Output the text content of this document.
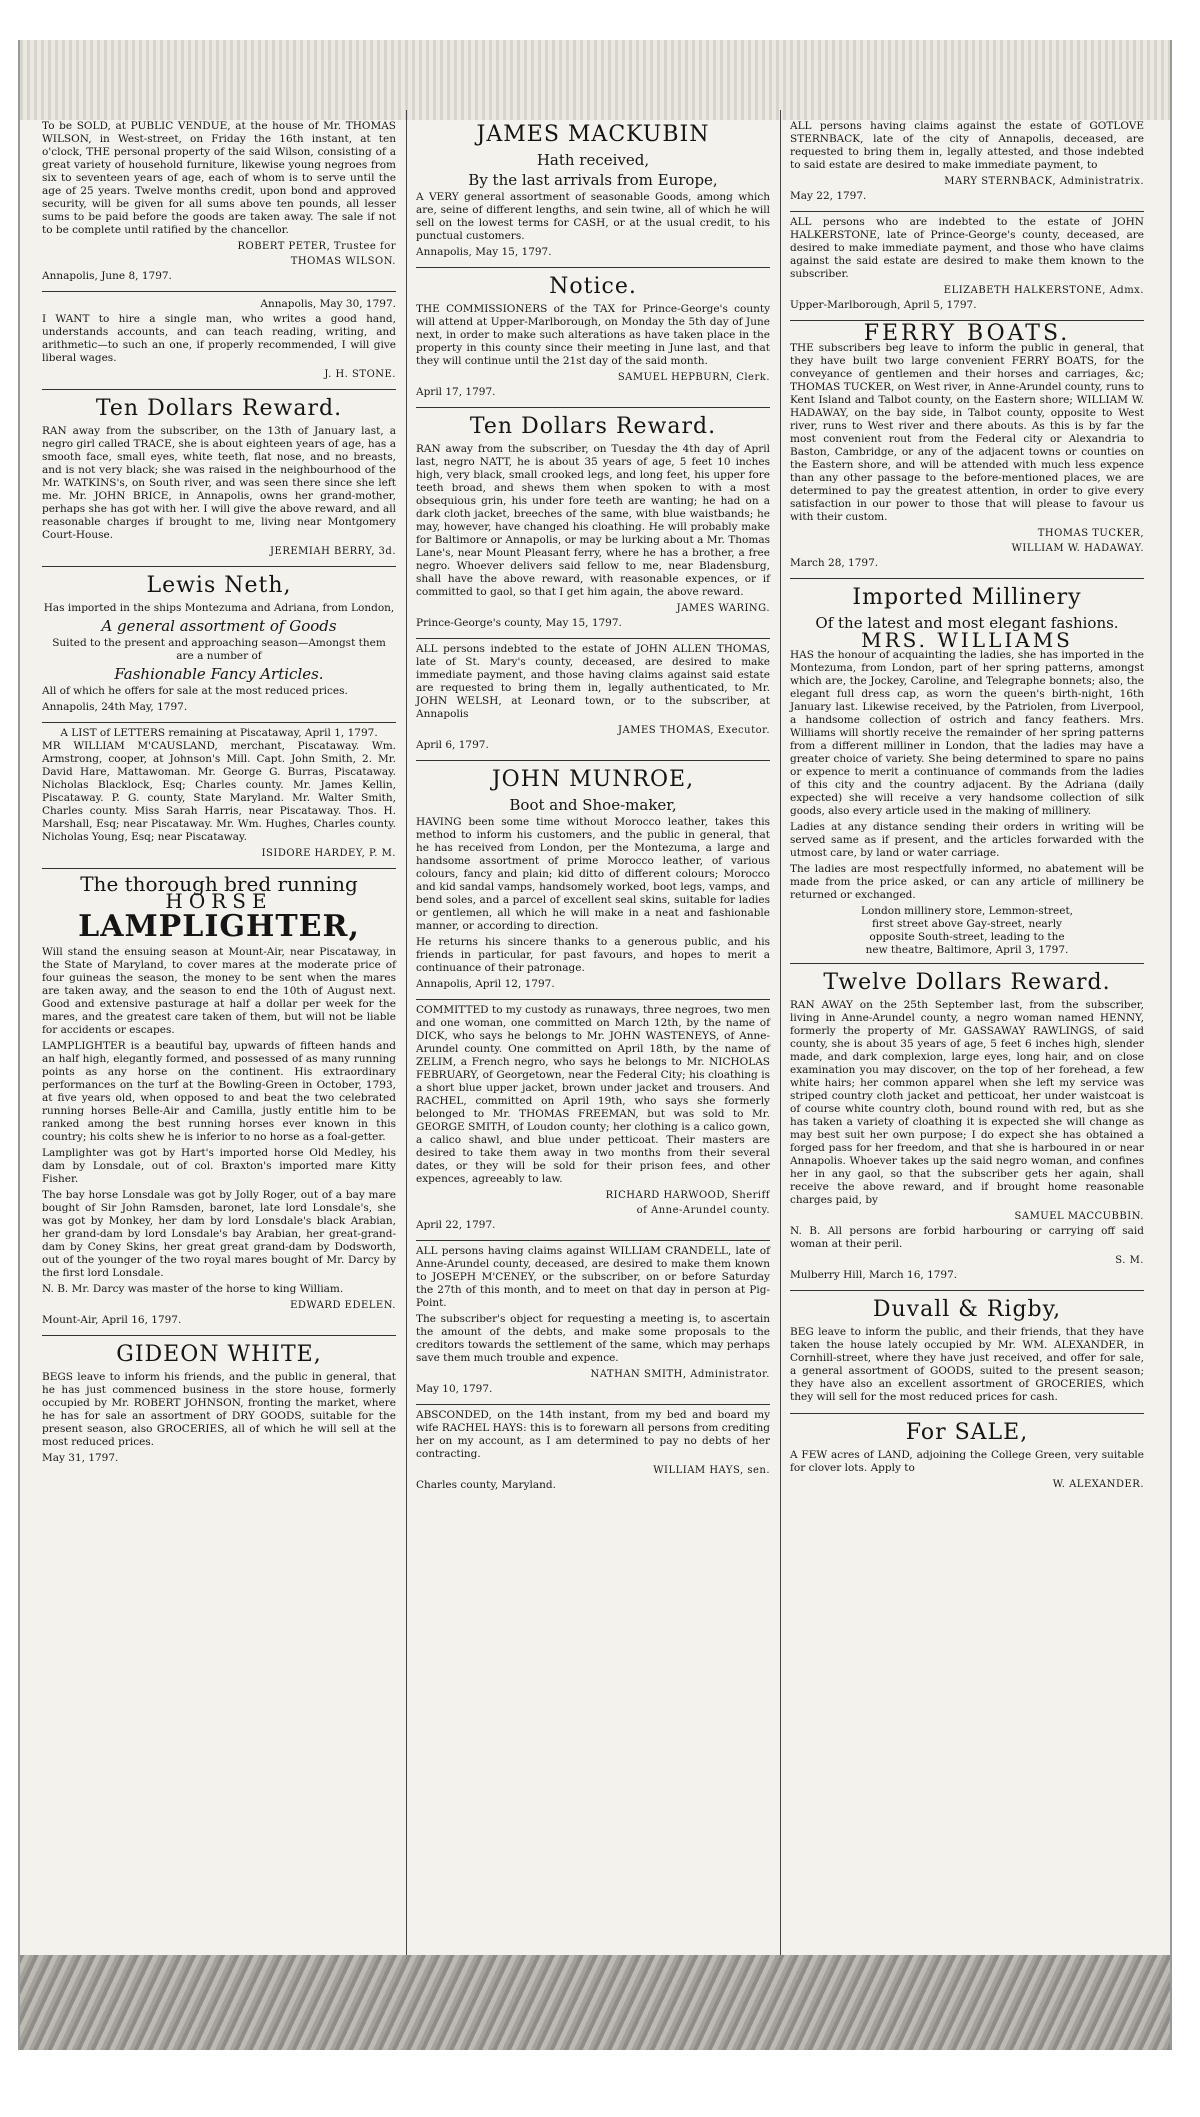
To be SOLD, at PUBLIC VENDUE, at the house of Mr. THOMAS WILSON, in West-street, on Friday the 16th instant, at ten o'clock, THE personal property of the said Wilson, consisting of a great variety of household furniture, likewise young negroes from six to seventeen years of age, each of whom is to serve until the age of 25 years. Twelve months credit, upon bond and approved security, will be given for all sums above ten pounds, all lesser sums to be paid before the goods are taken away. The sale if not to be complete until ratified by the chancellor.

ROBERT PETER, Trustee for
THOMAS WILSON.
Annapolis, June 8, 1797.
Annapolis, May 30, 1797.

I WANT to hire a single man, who writes a good hand, understands accounts, and can teach reading, writing, and arithmetic—to such an one, if properly recommended, I will give liberal wages.

J. H. STONE.
Ten Dollars Reward.

RAN away from the subscriber, on the 13th of January last, a negro girl called TRACE, she is about eighteen years of age, has a smooth face, small eyes, white teeth, flat nose, and no breasts, and is not very black; she was raised in the neighbourhood of the Mr. WATKINS's, on South river, and was seen there since she left me. Mr. JOHN BRICE, in Annapolis, owns her grand-mother, perhaps she has got with her. I will give the above reward, and all reasonable charges if brought to me, living near Montgomery Court-House.

JEREMIAH BERRY, 3d.
Lewis Neth,
Has imported in the ships Montezuma and Adriana, from London,
A general assortment of Goods
Suited to the present and approaching season—Amongst them are a number of
Fashionable Fancy Articles.

All of which he offers for sale at the most reduced prices.

Annapolis, 24th May, 1797.
A LIST of LETTERS remaining at Piscataway, April 1, 1797.

MR WILLIAM M'CAUSLAND, merchant, Piscataway. Wm. Armstrong, cooper, at Johnson's Mill. Capt. John Smith, 2. Mr. David Hare, Mattawoman. Mr. George G. Burras, Piscataway. Nicholas Blacklock, Esq; Charles county. Mr. James Kellin, Piscataway. P. G. county, State Maryland. Mr. Walter Smith, Charles county. Miss Sarah Harris, near Piscataway. Thos. H. Marshall, Esq; near Piscataway. Mr. Wm. Hughes, Charles county. Nicholas Young, Esq; near Piscataway.

ISIDORE HARDEY, P. M.
The thorough bred running
HORSE
LAMPLIGHTER,

Will stand the ensuing season at Mount-Air, near Piscataway, in the State of Maryland, to cover mares at the moderate price of four guineas the season, the money to be sent when the mares are taken away, and the season to end the 10th of August next. Good and extensive pasturage at half a dollar per week for the mares, and the greatest care taken of them, but will not be liable for accidents or escapes.

LAMPLIGHTER is a beautiful bay, upwards of fifteen hands and an half high, elegantly formed, and possessed of as many running points as any horse on the continent. His extraordinary performances on the turf at the Bowling-Green in October, 1793, at five years old, when opposed to and beat the two celebrated running horses Belle-Air and Camilla, justly entitle him to be ranked among the best running horses ever known in this country; his colts shew he is inferior to no horse as a foal-getter.

Lamplighter was got by Hart's imported horse Old Medley, his dam by Lonsdale, out of col. Braxton's imported mare Kitty Fisher.

The bay horse Lonsdale was got by Jolly Roger, out of a bay mare bought of Sir John Ramsden, baronet, late lord Lonsdale's, she was got by Monkey, her dam by lord Lonsdale's black Arabian, her grand-dam by lord Lonsdale's bay Arabian, her great-grand-dam by Coney Skins, her great great grand-dam by Dodsworth, out of the younger of the two royal mares bought of Mr. Darcy by the first lord Lonsdale.

N. B. Mr. Darcy was master of the horse to king William.

EDWARD EDELEN.
Mount-Air, April 16, 1797.
GIDEON WHITE,

BEGS leave to inform his friends, and the public in general, that he has just commenced business in the store house, formerly occupied by Mr. ROBERT JOHNSON, fronting the market, where he has for sale an assortment of DRY GOODS, suitable for the present season, also GROCERIES, all of which he will sell at the most reduced prices.

May 31, 1797.
JAMES MACKUBIN
Hath received,
By the last arrivals from Europe,

A VERY general assortment of seasonable Goods, among which are, seine of different lengths, and sein twine, all of which he will sell on the lowest terms for CASH, or at the usual credit, to his punctual customers.

Annapolis, May 15, 1797.
Notice.

THE COMMISSIONERS of the TAX for Prince-George's county will attend at Upper-Marlborough, on Monday the 5th day of June next, in order to make such alterations as have taken place in the property in this county since their meeting in June last, and that they will continue until the 21st day of the said month.

SAMUEL HEPBURN, Clerk.
April 17, 1797.
Ten Dollars Reward.

RAN away from the subscriber, on Tuesday the 4th day of April last, negro NATT, he is about 35 years of age, 5 feet 10 inches high, very black, small crooked legs, and long feet, his upper fore teeth broad, and shews them when spoken to with a most obsequious grin, his under fore teeth are wanting; he had on a dark cloth jacket, breeches of the same, with blue waistbands; he may, however, have changed his cloathing. He will probably make for Baltimore or Annapolis, or may be lurking about a Mr. Thomas Lane's, near Mount Pleasant ferry, where he has a brother, a free negro. Whoever delivers said fellow to me, near Bladensburg, shall have the above reward, with reasonable expences, or if committed to gaol, so that I get him again, the above reward.

JAMES WARING.
Prince-George's county, May 15, 1797.

ALL persons indebted to the estate of JOHN ALLEN THOMAS, late of St. Mary's county, deceased, are desired to make immediate payment, and those having claims against said estate are requested to bring them in, legally authenticated, to Mr. JOHN WELSH, at Leonard town, or to the subscriber, at Annapolis

JAMES THOMAS, Executor.
April 6, 1797.
JOHN MUNROE,
Boot and Shoe-maker,

HAVING been some time without Morocco leather, takes this method to inform his customers, and the public in general, that he has received from London, per the Montezuma, a large and handsome assortment of prime Morocco leather, of various colours, fancy and plain; kid ditto of different colours; Morocco and kid sandal vamps, handsomely worked, boot legs, vamps, and bend soles, and a parcel of excellent seal skins, suitable for ladies or gentlemen, all which he will make in a neat and fashionable manner, or according to direction.

He returns his sincere thanks to a generous public, and his friends in particular, for past favours, and hopes to merit a continuance of their patronage.

Annapolis, April 12, 1797.

COMMITTED to my custody as runaways, three negroes, two men and one woman, one committed on March 12th, by the name of DICK, who says he belongs to Mr. JOHN WASTENEYS, of Anne-Arundel county. One committed on April 18th, by the name of ZELIM, a French negro, who says he belongs to Mr. NICHOLAS FEBRUARY, of Georgetown, near the Federal City; his cloathing is a short blue upper jacket, brown under jacket and trousers. And RACHEL, committed on April 19th, who says she formerly belonged to Mr. THOMAS FREEMAN, but was sold to Mr. GEORGE SMITH, of Loudon county; her clothing is a calico gown, a calico shawl, and blue under petticoat. Their masters are desired to take them away in two months from their several dates, or they will be sold for their prison fees, and other expences, agreeably to law.

RICHARD HARWOOD, Sheriff
of Anne-Arundel county.
April 22, 1797.

ALL persons having claims against WILLIAM CRANDELL, late of Anne-Arundel county, deceased, are desired to make them known to JOSEPH M'CENEY, or the subscriber, on or before Saturday the 27th of this month, and to meet on that day in person at Pig-Point.

The subscriber's object for requesting a meeting is, to ascertain the amount of the debts, and make some proposals to the creditors towards the settlement of the same, which may perhaps save them much trouble and expence.

NATHAN SMITH, Administrator.
May 10, 1797.

ABSCONDED, on the 14th instant, from my bed and board my wife RACHEL HAYS: this is to forewarn all persons from crediting her on my account, as I am determined to pay no debts of her contracting.

WILLIAM HAYS, sen.
Charles county, Maryland.

ALL persons having claims against the estate of GOTLOVE STERNBACK, late of the city of Annapolis, deceased, are requested to bring them in, legally attested, and those indebted to said estate are desired to make immediate payment, to

MARY STERNBACK, Administratrix.
May 22, 1797.

ALL persons who are indebted to the estate of JOHN HALKERSTONE, late of Prince-George's county, deceased, are desired to make immediate payment, and those who have claims against the said estate are desired to make them known to the subscriber.

ELIZABETH HALKERSTONE, Admx.
Upper-Marlborough, April 5, 1797.
FERRY BOATS.

THE subscribers beg leave to inform the public in general, that they have built two large convenient FERRY BOATS, for the conveyance of gentlemen and their horses and carriages, &c; THOMAS TUCKER, on West river, in Anne-Arundel county, runs to Kent Island and Talbot county, on the Eastern shore; WILLIAM W. HADAWAY, on the bay side, in Talbot county, opposite to West river, runs to West river and there abouts. As this is by far the most convenient rout from the Federal city or Alexandria to Baston, Cambridge, or any of the adjacent towns or counties on the Eastern shore, and will be attended with much less expence than any other passage to the before-mentioned places, we are determined to pay the greatest attention, in order to give every satisfaction in our power to those that will please to favour us with their custom.

THOMAS TUCKER,
WILLIAM W. HADAWAY.
March 28, 1797.
Imported Millinery
Of the latest and most elegant fashions.
MRS. WILLIAMS

HAS the honour of acquainting the ladies, she has imported in the Montezuma, from London, part of her spring patterns, amongst which are, the Jockey, Caroline, and Telegraphe bonnets; also, the elegant full dress cap, as worn the queen's birth-night, 16th January last. Likewise received, by the Patriolen, from Liverpool, a handsome collection of ostrich and fancy feathers. Mrs. Williams will shortly receive the remainder of her spring patterns from a different milliner in London, that the ladies may have a greater choice of variety. She being determined to spare no pains or expence to merit a continuance of commands from the ladies of this city and the country adjacent. By the Adriana (daily expected) she will receive a very handsome collection of silk goods, also every article used in the making of millinery.

Ladies at any distance sending their orders in writing will be served same as if present, and the articles forwarded with the utmost care, by land or water carriage.

The ladies are most respectfully informed, no abatement will be made from the price asked, or can any article of millinery be returned or exchanged.

London millinery store, Lemmon-street,
first street above Gay-street, nearly
opposite South-street, leading to the
new theatre, Baltimore, April 3, 1797.
Twelve Dollars Reward.

RAN AWAY on the 25th September last, from the subscriber, living in Anne-Arundel county, a negro woman named HENNY, formerly the property of Mr. GASSAWAY RAWLINGS, of said county, she is about 35 years of age, 5 feet 6 inches high, slender made, and dark complexion, large eyes, long hair, and on close examination you may discover, on the top of her forehead, a few white hairs; her common apparel when she left my service was striped country cloth jacket and petticoat, her under waistcoat is of course white country cloth, bound round with red, but as she has taken a variety of cloathing it is expected she will change as may best suit her own purpose; I do expect she has obtained a forged pass for her freedom, and that she is harboured in or near Annapolis. Whoever takes up the said negro woman, and confines her in any gaol, so that the subscriber gets her again, shall receive the above reward, and if brought home reasonable charges paid, by

SAMUEL MACCUBBIN.

N. B. All persons are forbid harbouring or carrying off said woman at their peril.

S. M.
Mulberry Hill, March 16, 1797.
Duvall & Rigby,

BEG leave to inform the public, and their friends, that they have taken the house lately occupied by Mr. WM. ALEXANDER, in Cornhill-street, where they have just received, and offer for sale, a general assortment of GOODS, suited to the present season; they have also an excellent assortment of GROCERIES, which they will sell for the most reduced prices for cash.

For SALE,

A FEW acres of LAND, adjoining the College Green, very suitable for clover lots. Apply to

W. ALEXANDER.
